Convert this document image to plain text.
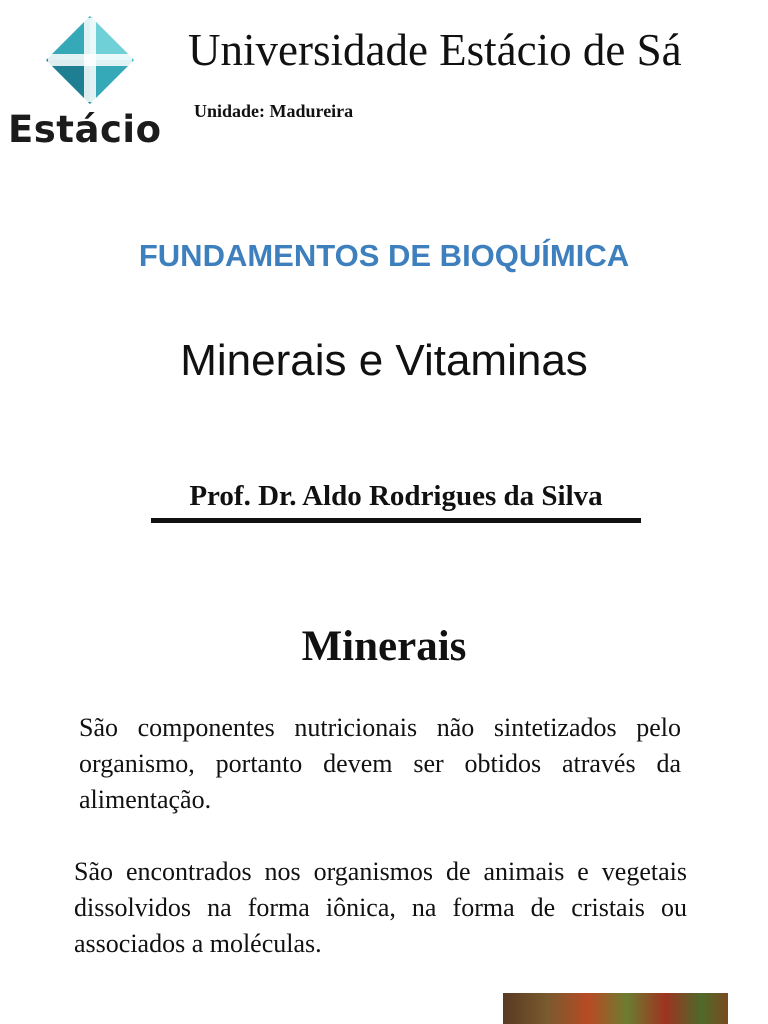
Estácio
Universidade Estácio de Sá
Unidade: Madureira
FUNDAMENTOS DE BIOQUÍMICA
Minerais e Vitaminas
Prof. Dr. Aldo Rodrigues da Silva
Minerais

São componentes nutricionais não sintetizados pelo organismo, portanto devem ser obtidos através da alimentação.

São encontrados nos organismos de animais e vegetais dissolvidos na forma iônica, na forma de cristais ou associados a moléculas.
